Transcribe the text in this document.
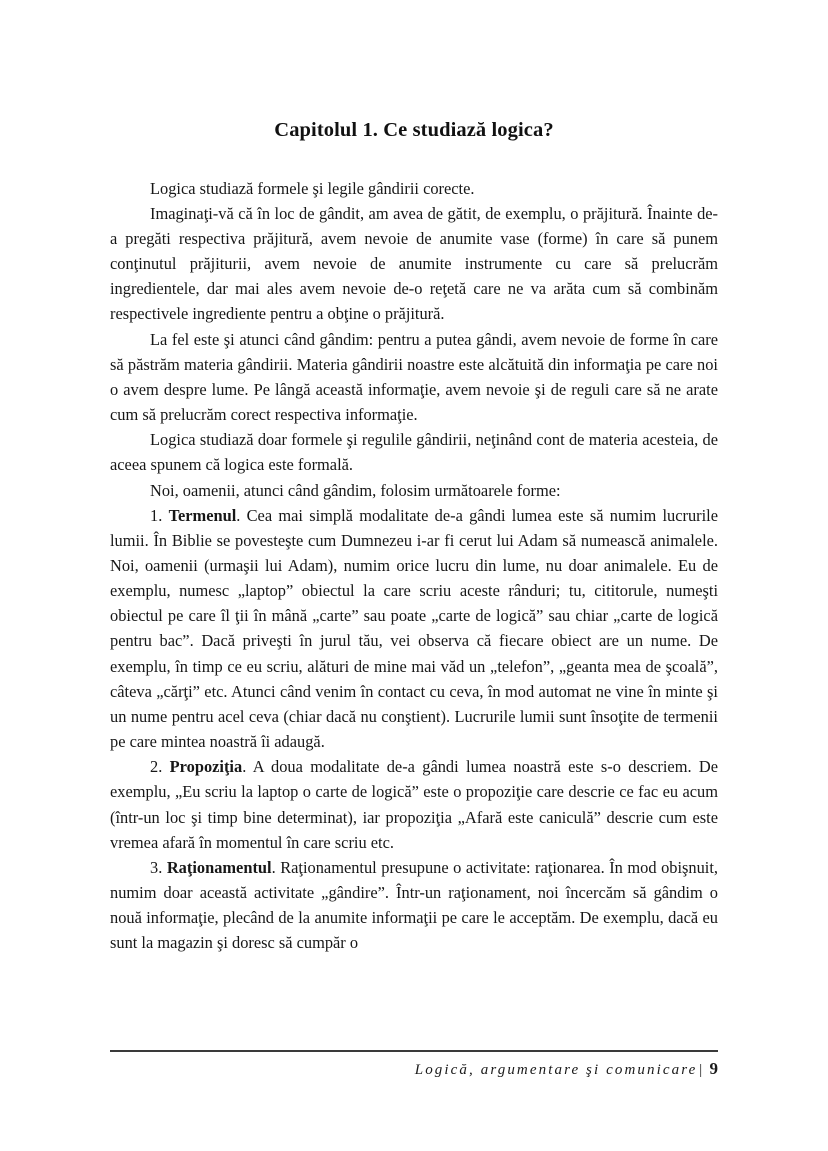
Capitolul 1. Ce studiază logica?

Logica studiază formele şi legile gândirii corecte.

Imaginaţi-vă că în loc de gândit, am avea de gătit, de exemplu, o prăjitură. Înainte de-a pregăti respectiva prăjitură, avem nevoie de anumite vase (forme) în care să punem conţinutul prăjiturii, avem nevoie de anumite instrumente cu care să prelucrăm ingredientele, dar mai ales avem nevoie de-o reţetă care ne va arăta cum să combinăm respectivele ingrediente pentru a obţine o prăjitură.

La fel este şi atunci când gândim: pentru a putea gândi, avem nevoie de forme în care să păstrăm materia gândirii. Materia gândirii noastre este alcătuită din informaţia pe care noi o avem despre lume. Pe lângă această informaţie, avem nevoie şi de reguli care să ne arate cum să prelucrăm corect respectiva informaţie.

Logica studiază doar formele şi regulile gândirii, neţinând cont de materia acesteia, de aceea spunem că logica este formală.

Noi, oamenii, atunci când gândim, folosim următoarele forme:

1. Termenul. Cea mai simplă modalitate de-a gândi lumea este să numim lucrurile lumii. În Biblie se povesteşte cum Dumnezeu i-ar fi cerut lui Adam să numească animalele. Noi, oamenii (urmaşii lui Adam), numim orice lucru din lume, nu doar animalele. Eu de exemplu, numesc „laptop” obiectul la care scriu aceste rânduri; tu, cititorule, numeşti obiectul pe care îl ţii în mână „carte” sau poate „carte de logică” sau chiar „carte de logică pentru bac”. Dacă priveşti în jurul tău, vei observa că fiecare obiect are un nume. De exemplu, în timp ce eu scriu, alături de mine mai văd un „telefon”, „geanta mea de şcoală”, câteva „cărţi” etc. Atunci când venim în contact cu ceva, în mod automat ne vine în minte şi un nume pentru acel ceva (chiar dacă nu conştient). Lucrurile lumii sunt însoţite de termenii pe care mintea noastră îi adaugă.

2. Propoziţia. A doua modalitate de-a gândi lumea noastră este s-o descriem. De exemplu, „Eu scriu la laptop o carte de logică” este o propoziţie care descrie ce fac eu acum (într-un loc şi timp bine determinat), iar propoziţia „Afară este caniculă” descrie cum este vremea afară în momentul în care scriu etc.

3. Raţionamentul. Raţionamentul presupune o activitate: raţionarea. În mod obişnuit, numim doar această activitate „gândire”. Într-un raţionament, noi încercăm să gândim o nouă informaţie, plecând de la anumite informaţii pe care le acceptăm. De exemplu, dacă eu sunt la magazin şi doresc să cumpăr o

Logică, argumentare şi comunicare| 9
